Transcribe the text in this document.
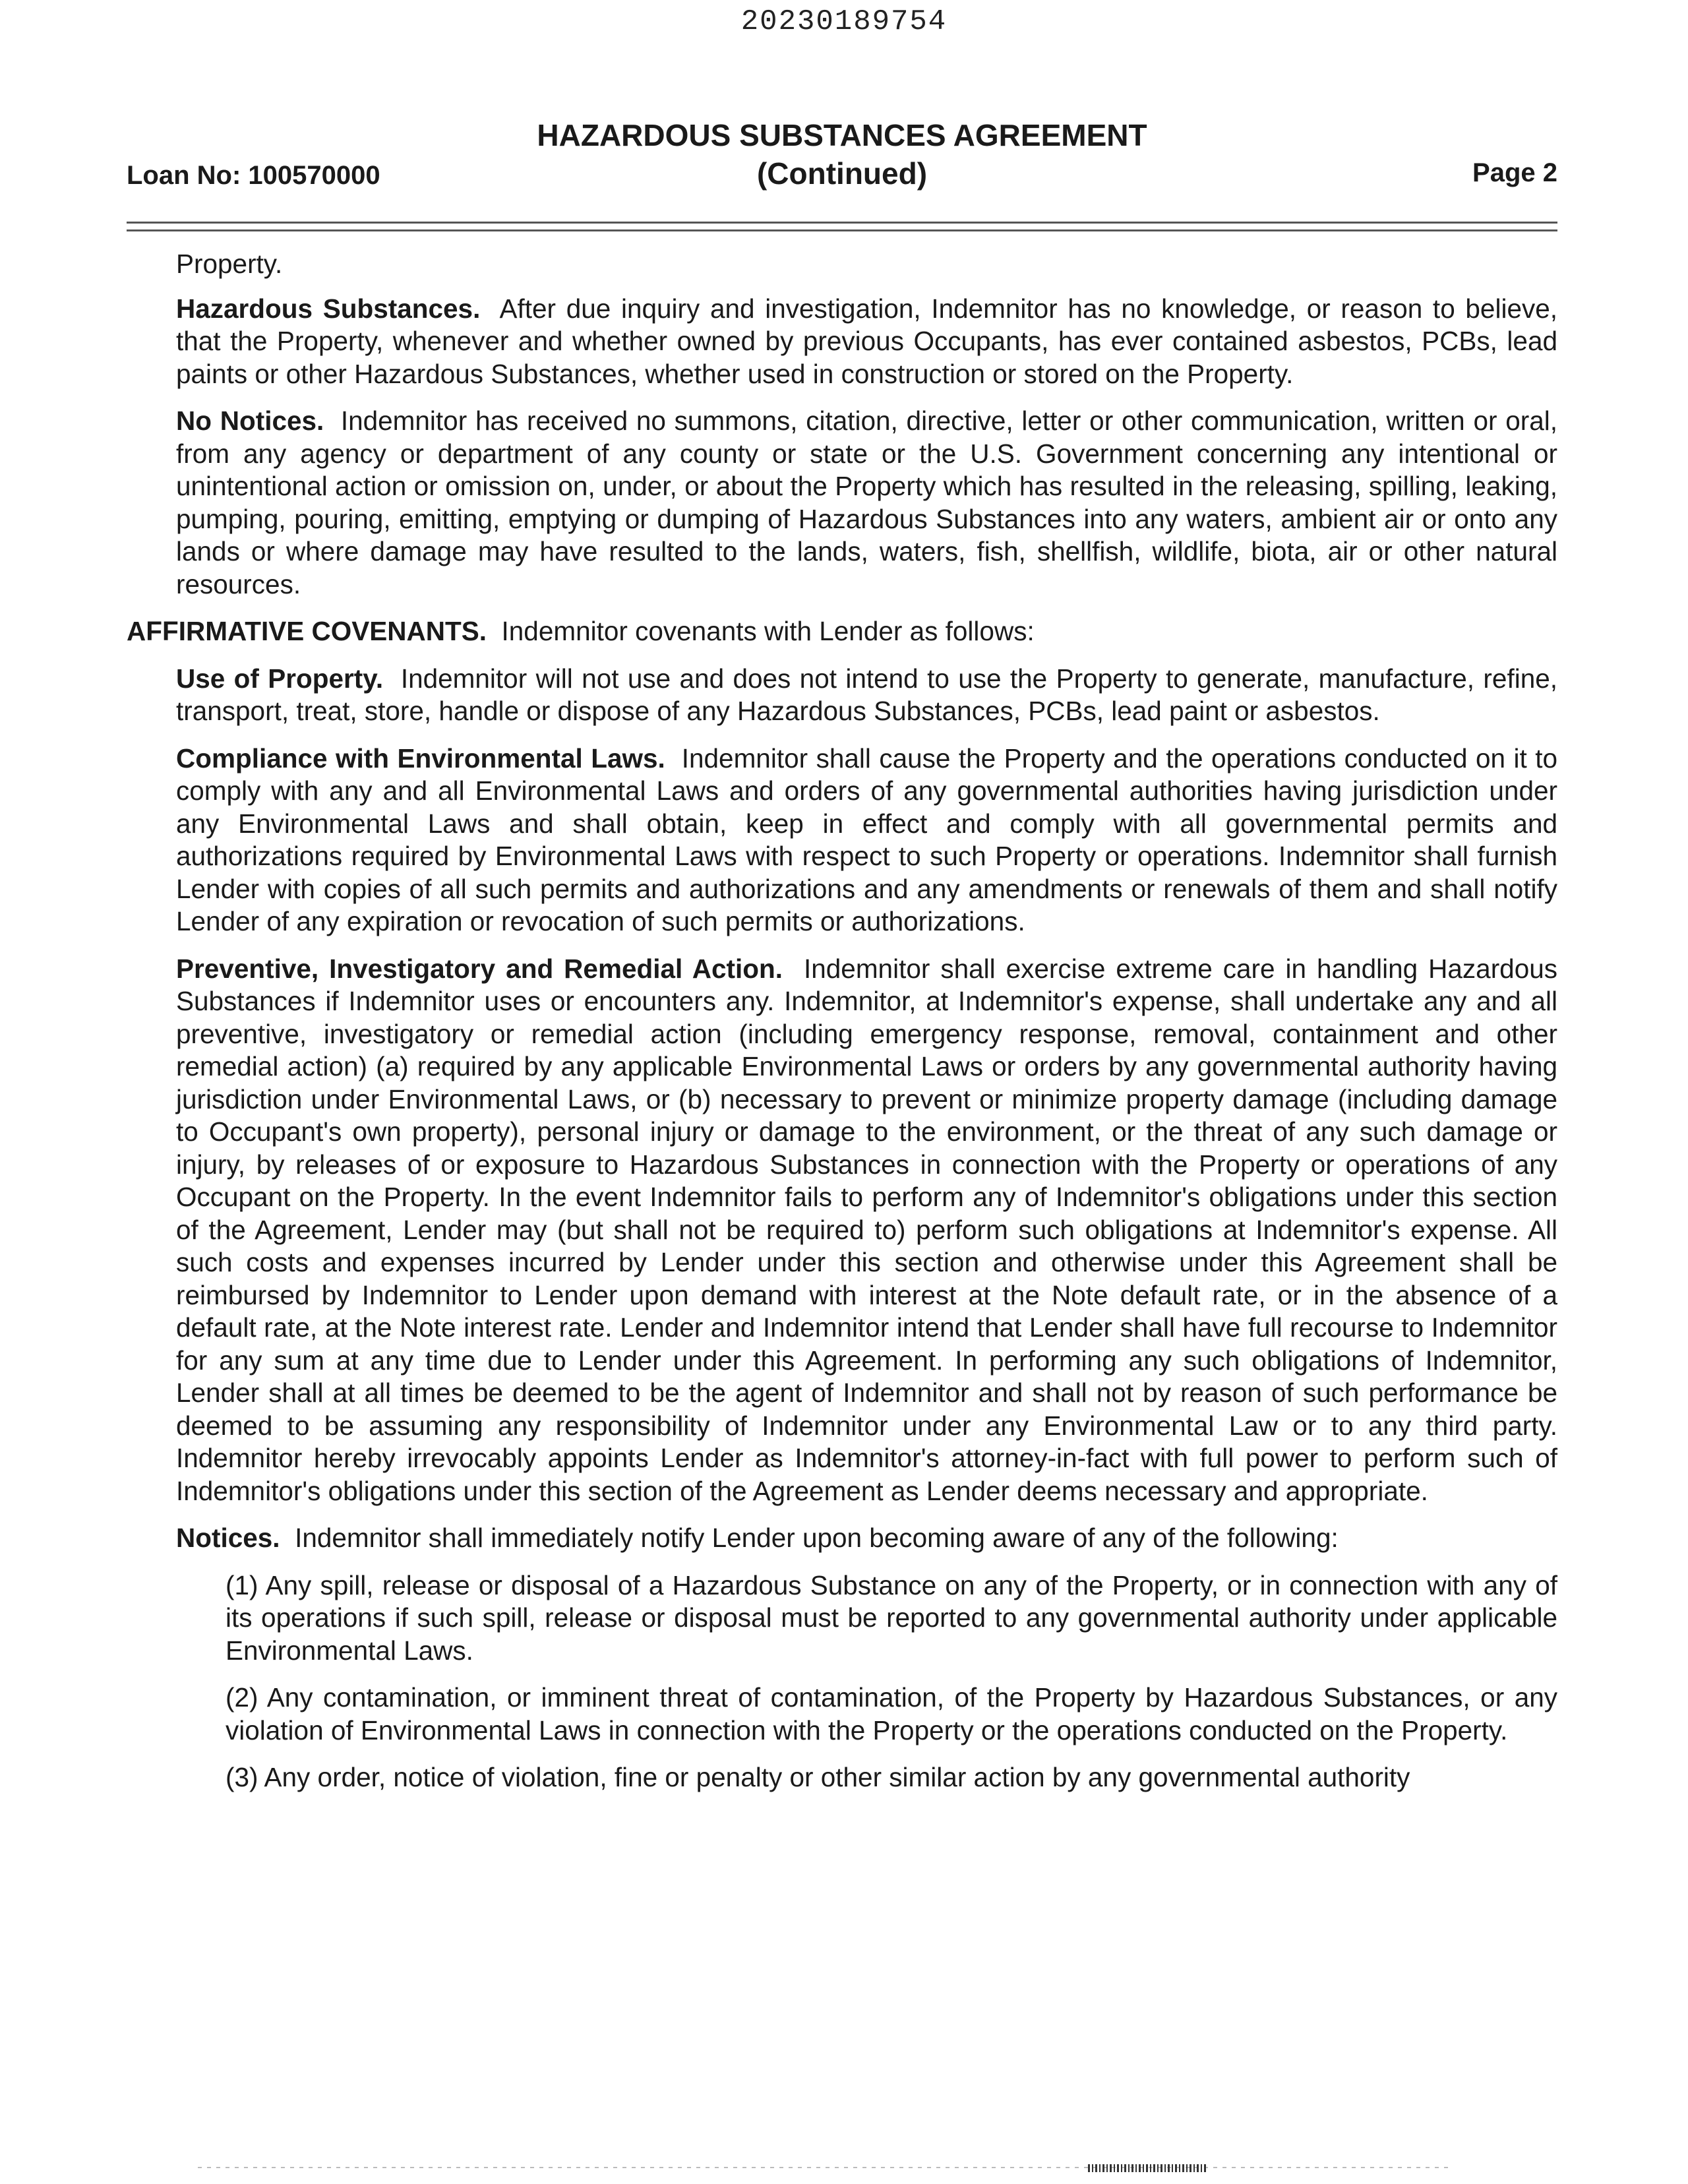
20230189754
HAZARDOUS SUBSTANCES AGREEMENT
(Continued)
Loan No: 100570000	Page 2

Property.

Hazardous Substances. After due inquiry and investigation, Indemnitor has no knowledge, or reason to believe, that the Property, whenever and whether owned by previous Occupants, has ever contained asbestos, PCBs, lead paints or other Hazardous Substances, whether used in construction or stored on the Property.

No Notices. Indemnitor has received no summons, citation, directive, letter or other communication, written or oral, from any agency or department of any county or state or the U.S. Government concerning any intentional or unintentional action or omission on, under, or about the Property which has resulted in the releasing, spilling, leaking, pumping, pouring, emitting, emptying or dumping of Hazardous Substances into any waters, ambient air or onto any lands or where damage may have resulted to the lands, waters, fish, shellfish, wildlife, biota, air or other natural resources.

AFFIRMATIVE COVENANTS. Indemnitor covenants with Lender as follows:

Use of Property. Indemnitor will not use and does not intend to use the Property to generate, manufacture, refine, transport, treat, store, handle or dispose of any Hazardous Substances, PCBs, lead paint or asbestos.

Compliance with Environmental Laws. Indemnitor shall cause the Property and the operations conducted on it to comply with any and all Environmental Laws and orders of any governmental authorities having jurisdiction under any Environmental Laws and shall obtain, keep in effect and comply with all governmental permits and authorizations required by Environmental Laws with respect to such Property or operations. Indemnitor shall furnish Lender with copies of all such permits and authorizations and any amendments or renewals of them and shall notify Lender of any expiration or revocation of such permits or authorizations.

Preventive, Investigatory and Remedial Action. Indemnitor shall exercise extreme care in handling Hazardous Substances if Indemnitor uses or encounters any. Indemnitor, at Indemnitor's expense, shall undertake any and all preventive, investigatory or remedial action (including emergency response, removal, containment and other remedial action) (a) required by any applicable Environmental Laws or orders by any governmental authority having jurisdiction under Environmental Laws, or (b) necessary to prevent or minimize property damage (including damage to Occupant's own property), personal injury or damage to the environment, or the threat of any such damage or injury, by releases of or exposure to Hazardous Substances in connection with the Property or operations of any Occupant on the Property. In the event Indemnitor fails to perform any of Indemnitor's obligations under this section of the Agreement, Lender may (but shall not be required to) perform such obligations at Indemnitor's expense. All such costs and expenses incurred by Lender under this section and otherwise under this Agreement shall be reimbursed by Indemnitor to Lender upon demand with interest at the Note default rate, or in the absence of a default rate, at the Note interest rate. Lender and Indemnitor intend that Lender shall have full recourse to Indemnitor for any sum at any time due to Lender under this Agreement. In performing any such obligations of Indemnitor, Lender shall at all times be deemed to be the agent of Indemnitor and shall not by reason of such performance be deemed to be assuming any responsibility of Indemnitor under any Environmental Law or to any third party. Indemnitor hereby irrevocably appoints Lender as Indemnitor's attorney-in-fact with full power to perform such of Indemnitor's obligations under this section of the Agreement as Lender deems necessary and appropriate.

Notices. Indemnitor shall immediately notify Lender upon becoming aware of any of the following:

(1) Any spill, release or disposal of a Hazardous Substance on any of the Property, or in connection with any of its operations if such spill, release or disposal must be reported to any governmental authority under applicable Environmental Laws.

(2) Any contamination, or imminent threat of contamination, of the Property by Hazardous Substances, or any violation of Environmental Laws in connection with the Property or the operations conducted on the Property.

(3) Any order, notice of violation, fine or penalty or other similar action by any governmental authority
